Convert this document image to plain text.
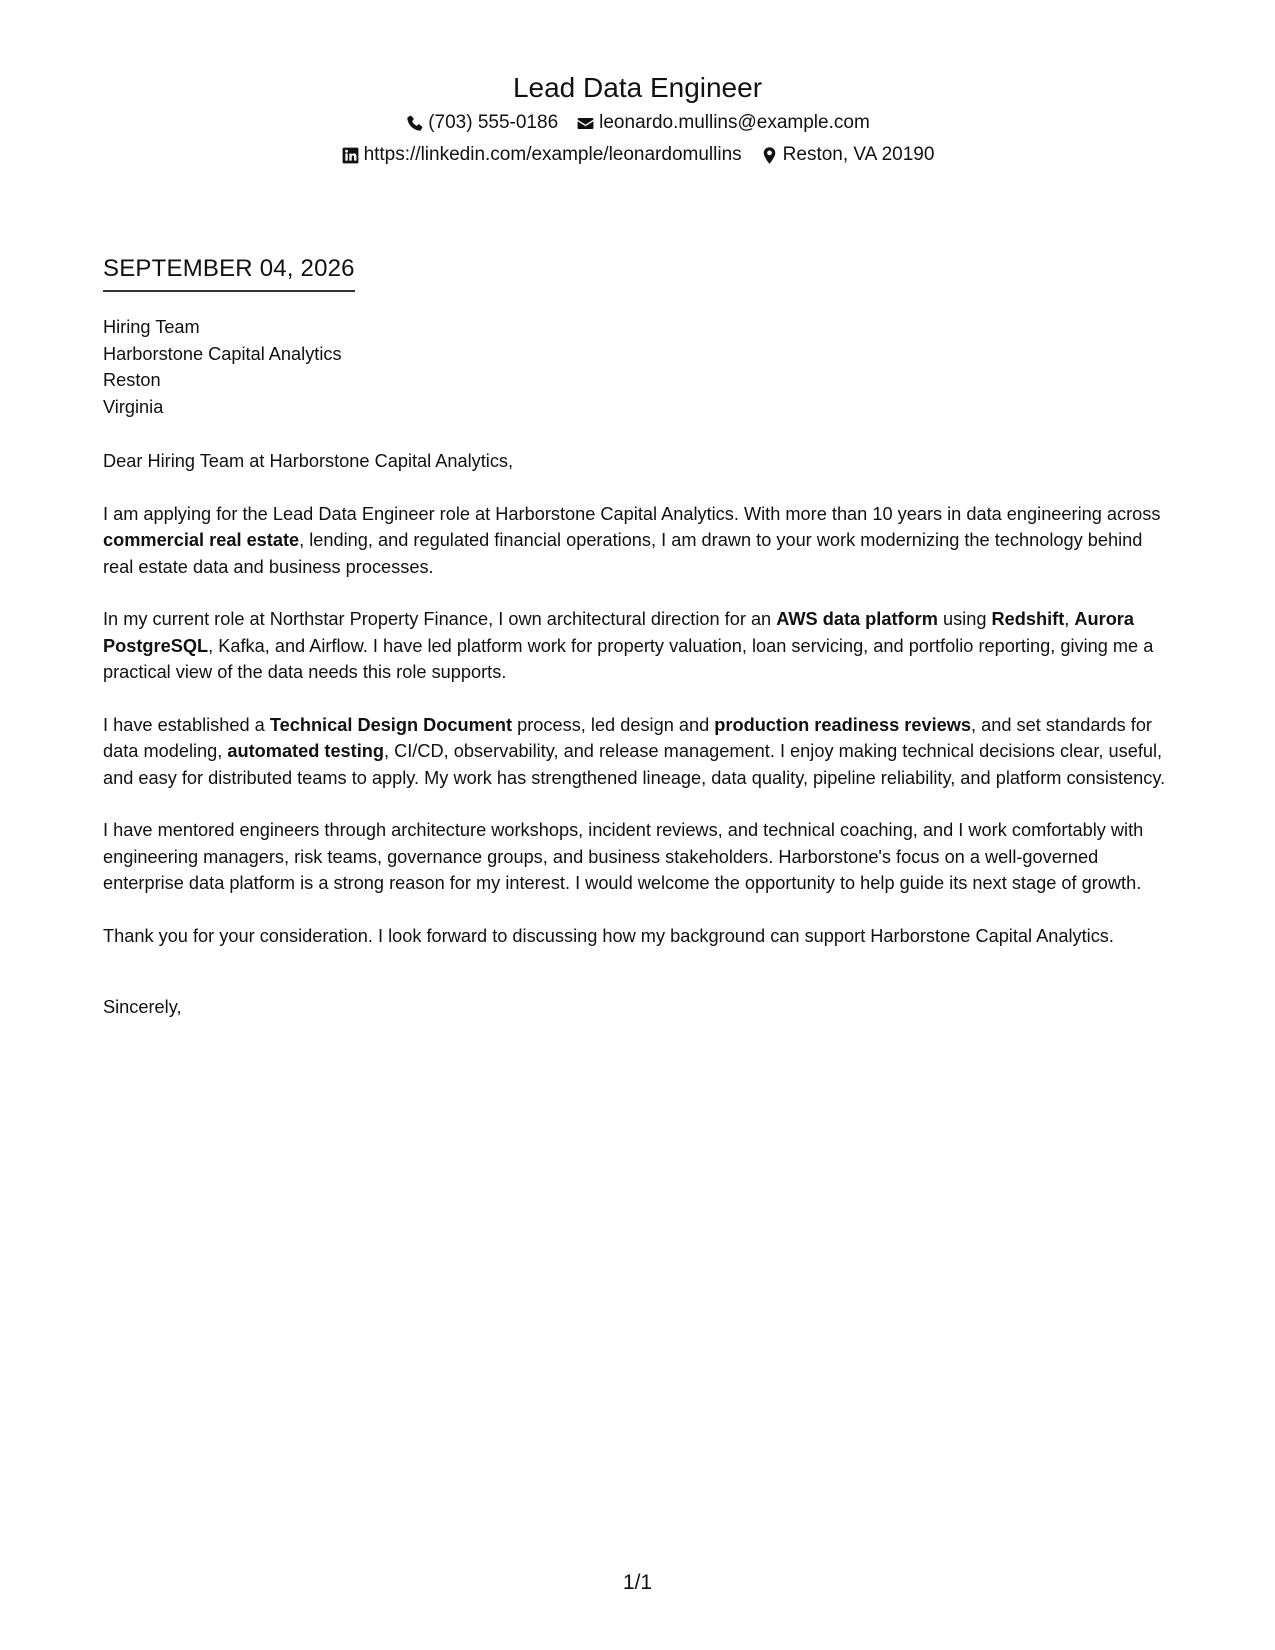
Lead Data Engineer
(703) 555-0186 leonardo.mullins@example.com
https://linkedin.com/example/leonardomullins Reston, VA 20190
SEPTEMBER 04, 2026
Hiring Team
Harborstone Capital Analytics
Reston
Virginia
Dear Hiring Team at Harborstone Capital Analytics,

I am applying for the Lead Data Engineer role at Harborstone Capital Analytics. With more than 10 years in data engineering across commercial real estate, lending, and regulated financial operations, I am drawn to your work modernizing the technology behind real estate data and business processes.

In my current role at Northstar Property Finance, I own architectural direction for an AWS data platform using Redshift, Aurora PostgreSQL, Kafka, and Airflow. I have led platform work for property valuation, loan servicing, and portfolio reporting, giving me a practical view of the data needs this role supports.

I have established a Technical Design Document process, led design and production readiness reviews, and set standards for data modeling, automated testing, CI/CD, observability, and release management. I enjoy making technical decisions clear, useful, and easy for distributed teams to apply. My work has strengthened lineage, data quality, pipeline reliability, and platform consistency.

I have mentored engineers through architecture workshops, incident reviews, and technical coaching, and I work comfortably with engineering managers, risk teams, governance groups, and business stakeholders. Harborstone's focus on a well-governed enterprise data platform is a strong reason for my interest. I would welcome the opportunity to help guide its next stage of growth.

Thank you for your consideration. I look forward to discussing how my background can support Harborstone Capital Analytics.

Sincerely,
1/1
